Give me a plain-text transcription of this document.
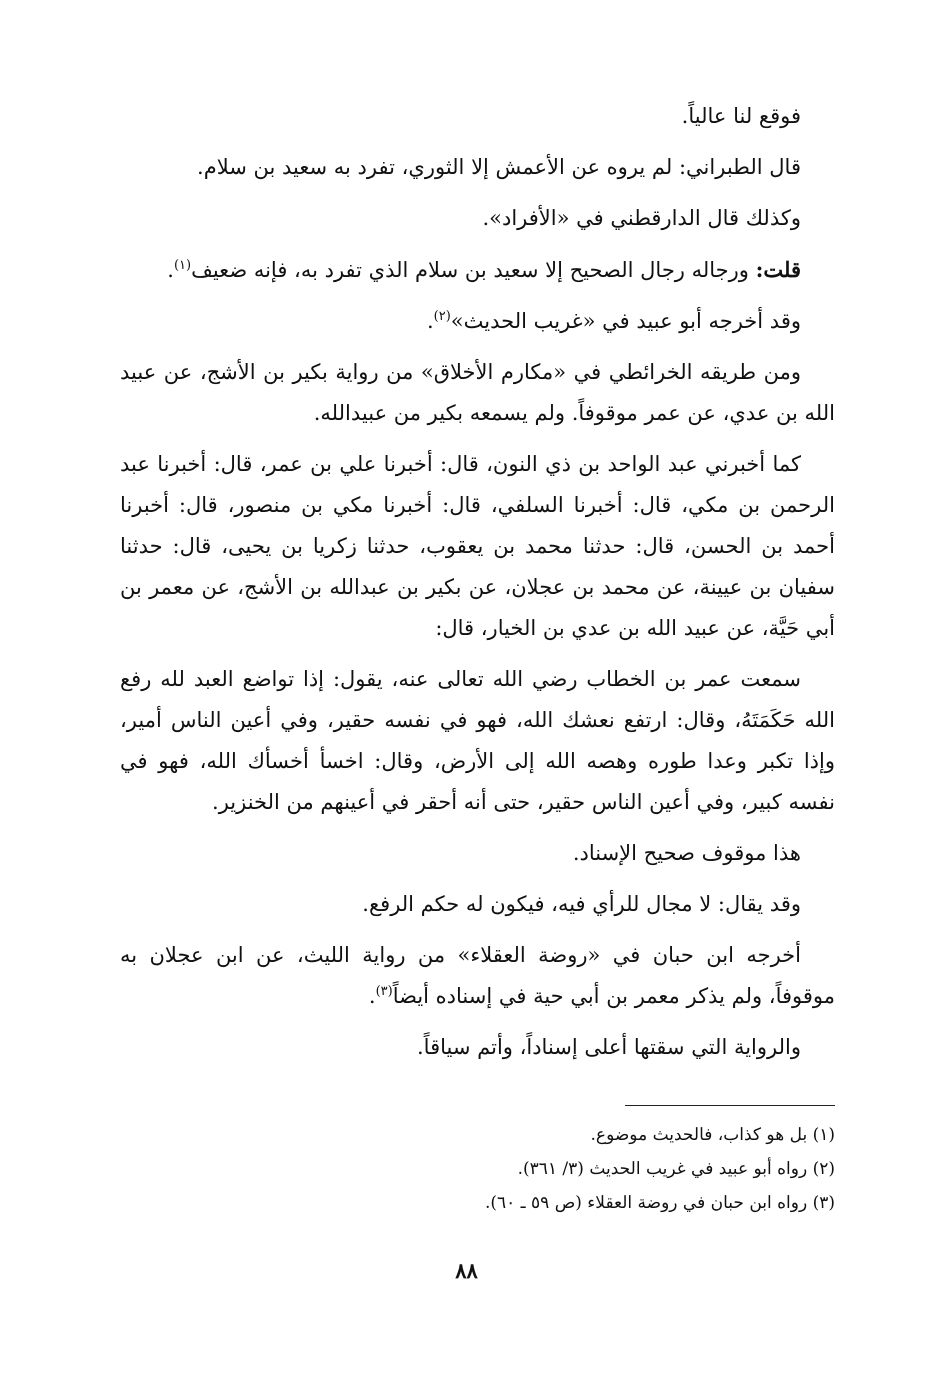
فوقع لنا عالياً.

قال الطبراني: لم يروه عن الأعمش إلا الثوري، تفرد به سعيد بن سلام.

وكذلك قال الدارقطني في «الأفراد».

قلت: ورجاله رجال الصحيح إلا سعيد بن سلام الذي تفرد به، فإنه ضعيف$^{(١)}$.

وقد أخرجه أبو عبيد في «غريب الحديث»$^{(٢)}$.

ومن طريقه الخرائطي في «مكارم الأخلاق» من رواية بكير بن الأشج، عن عبيد الله بن عدي، عن عمر موقوفاً. ولم يسمعه بكير من عبيدالله.

كما أخبرني عبد الواحد بن ذي النون، قال: أخبرنا علي بن عمر، قال: أخبرنا عبد الرحمن بن مكي، قال: أخبرنا السلفي، قال: أخبرنا مكي بن منصور، قال: أخبرنا أحمد بن الحسن، قال: حدثنا محمد بن يعقوب، حدثنا زكريا بن يحيى، قال: حدثنا سفيان بن عيينة، عن محمد بن عجلان، عن بكير بن عبدالله بن الأشج، عن معمر بن أبي حَيَّة، عن عبيد الله بن عدي بن الخيار، قال:

سمعت عمر بن الخطاب رضي الله تعالى عنه، يقول: إذا تواضع العبد لله رفع الله حَكَمَتَهُ، وقال: ارتفع نعشك الله، فهو في نفسه حقير، وفي أعين الناس أمير، وإذا تكبر وعدا طوره وهصه الله إلى الأرض، وقال: اخسأ أخسأك الله، فهو في نفسه كبير، وفي أعين الناس حقير، حتى أنه أحقر في أعينهم من الخنزير.

هذا موقوف صحيح الإسناد.

وقد يقال: لا مجال للرأي فيه، فيكون له حكم الرفع.

أخرجه ابن حبان في «روضة العقلاء» من رواية الليث، عن ابن عجلان به موقوفاً، ولم يذكر معمر بن أبي حية في إسناده أيضاً$^{(٣)}$.

والرواية التي سقتها أعلى إسناداً، وأتم سياقاً.

(١) بل هو كذاب، فالحديث موضوع.
(٢) رواه أبو عبيد في غريب الحديث (٣/ ٣٦١).
(٣) رواه ابن حبان في روضة العقلاء (ص ٥٩ ـ ٦٠).
٨٨
